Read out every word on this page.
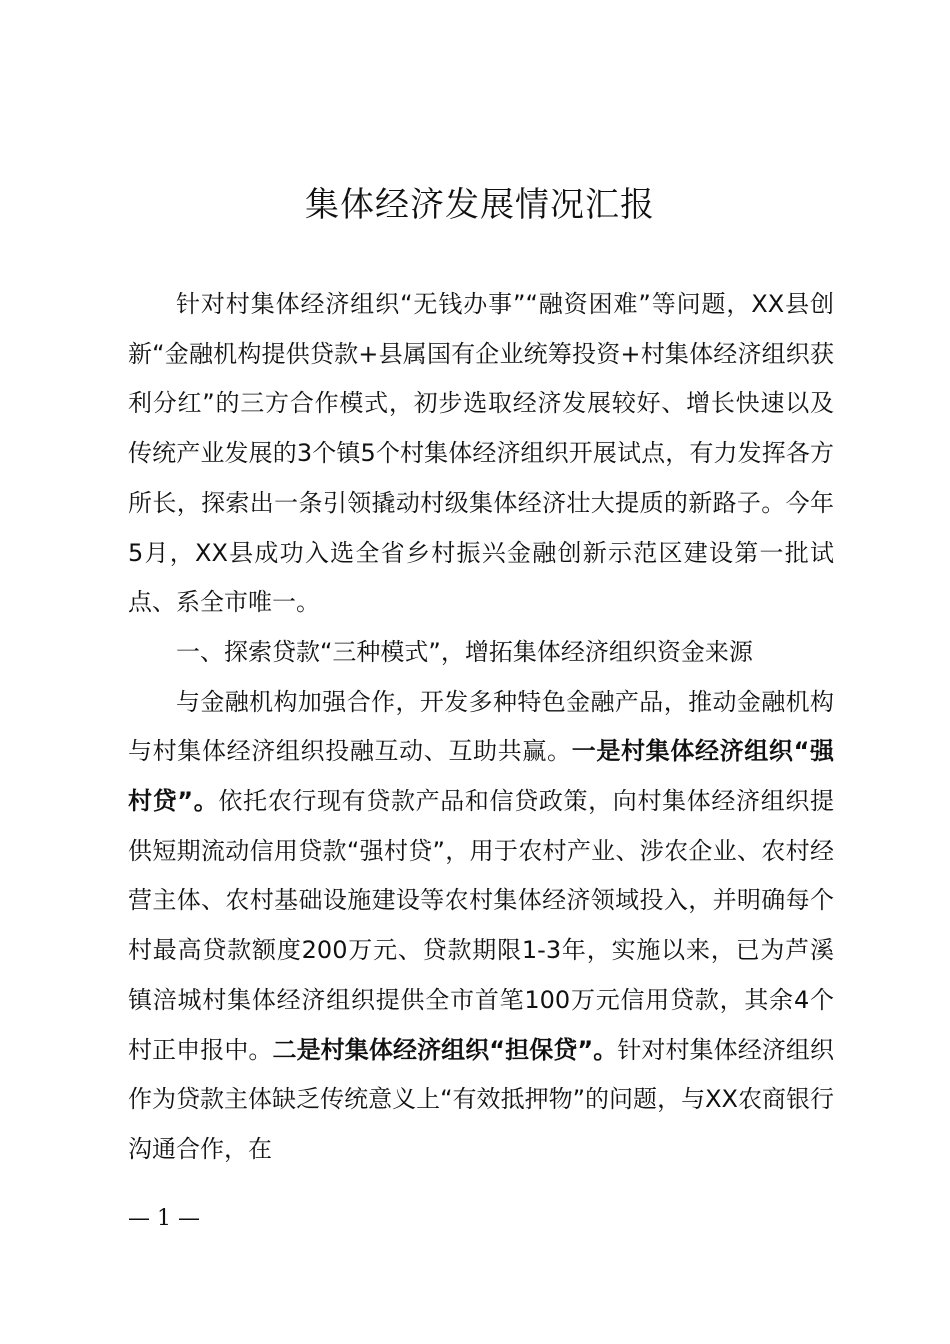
集体经济发展情况汇报

针对村集体经济组织“无钱办事”“融资困难”等问题，XX县创新“金融机构提供贷款+县属国有企业统筹投资+村集体经济组织获利分红”的三方合作模式，初步选取经济发展较好、增长快速以及传统产业发展的3个镇5个村集体经济组织开展试点，有力发挥各方所长，探索出一条引领撬动村级集体经济壮大提质的新路子。今年5月，XX县成功入选全省乡村振兴金融创新示范区建设第一批试点、系全市唯一。

一、探索贷款“三种模式”，增拓集体经济组织资金来源

与金融机构加强合作，开发多种特色金融产品，推动金融机构与村集体经济组织投融互动、互助共赢。一是村集体经济组织“强村贷”。依托农行现有贷款产品和信贷政策，向村集体经济组织提供短期流动信用贷款“强村贷”，用于农村产业、涉农企业、农村经营主体、农村基础设施建设等农村集体经济领域投入，并明确每个村最高贷款额度200万元、贷款期限1-3年，实施以来，已为芦溪镇涪城村集体经济组织提供全市首笔100万元信用贷款，其余4个村正申报中。二是村集体经济组织“担保贷”。针对村集体经济组织作为贷款主体缺乏传统意义上“有效抵押物”的问题，与XX农商银行沟通合作，在

— 1 —
